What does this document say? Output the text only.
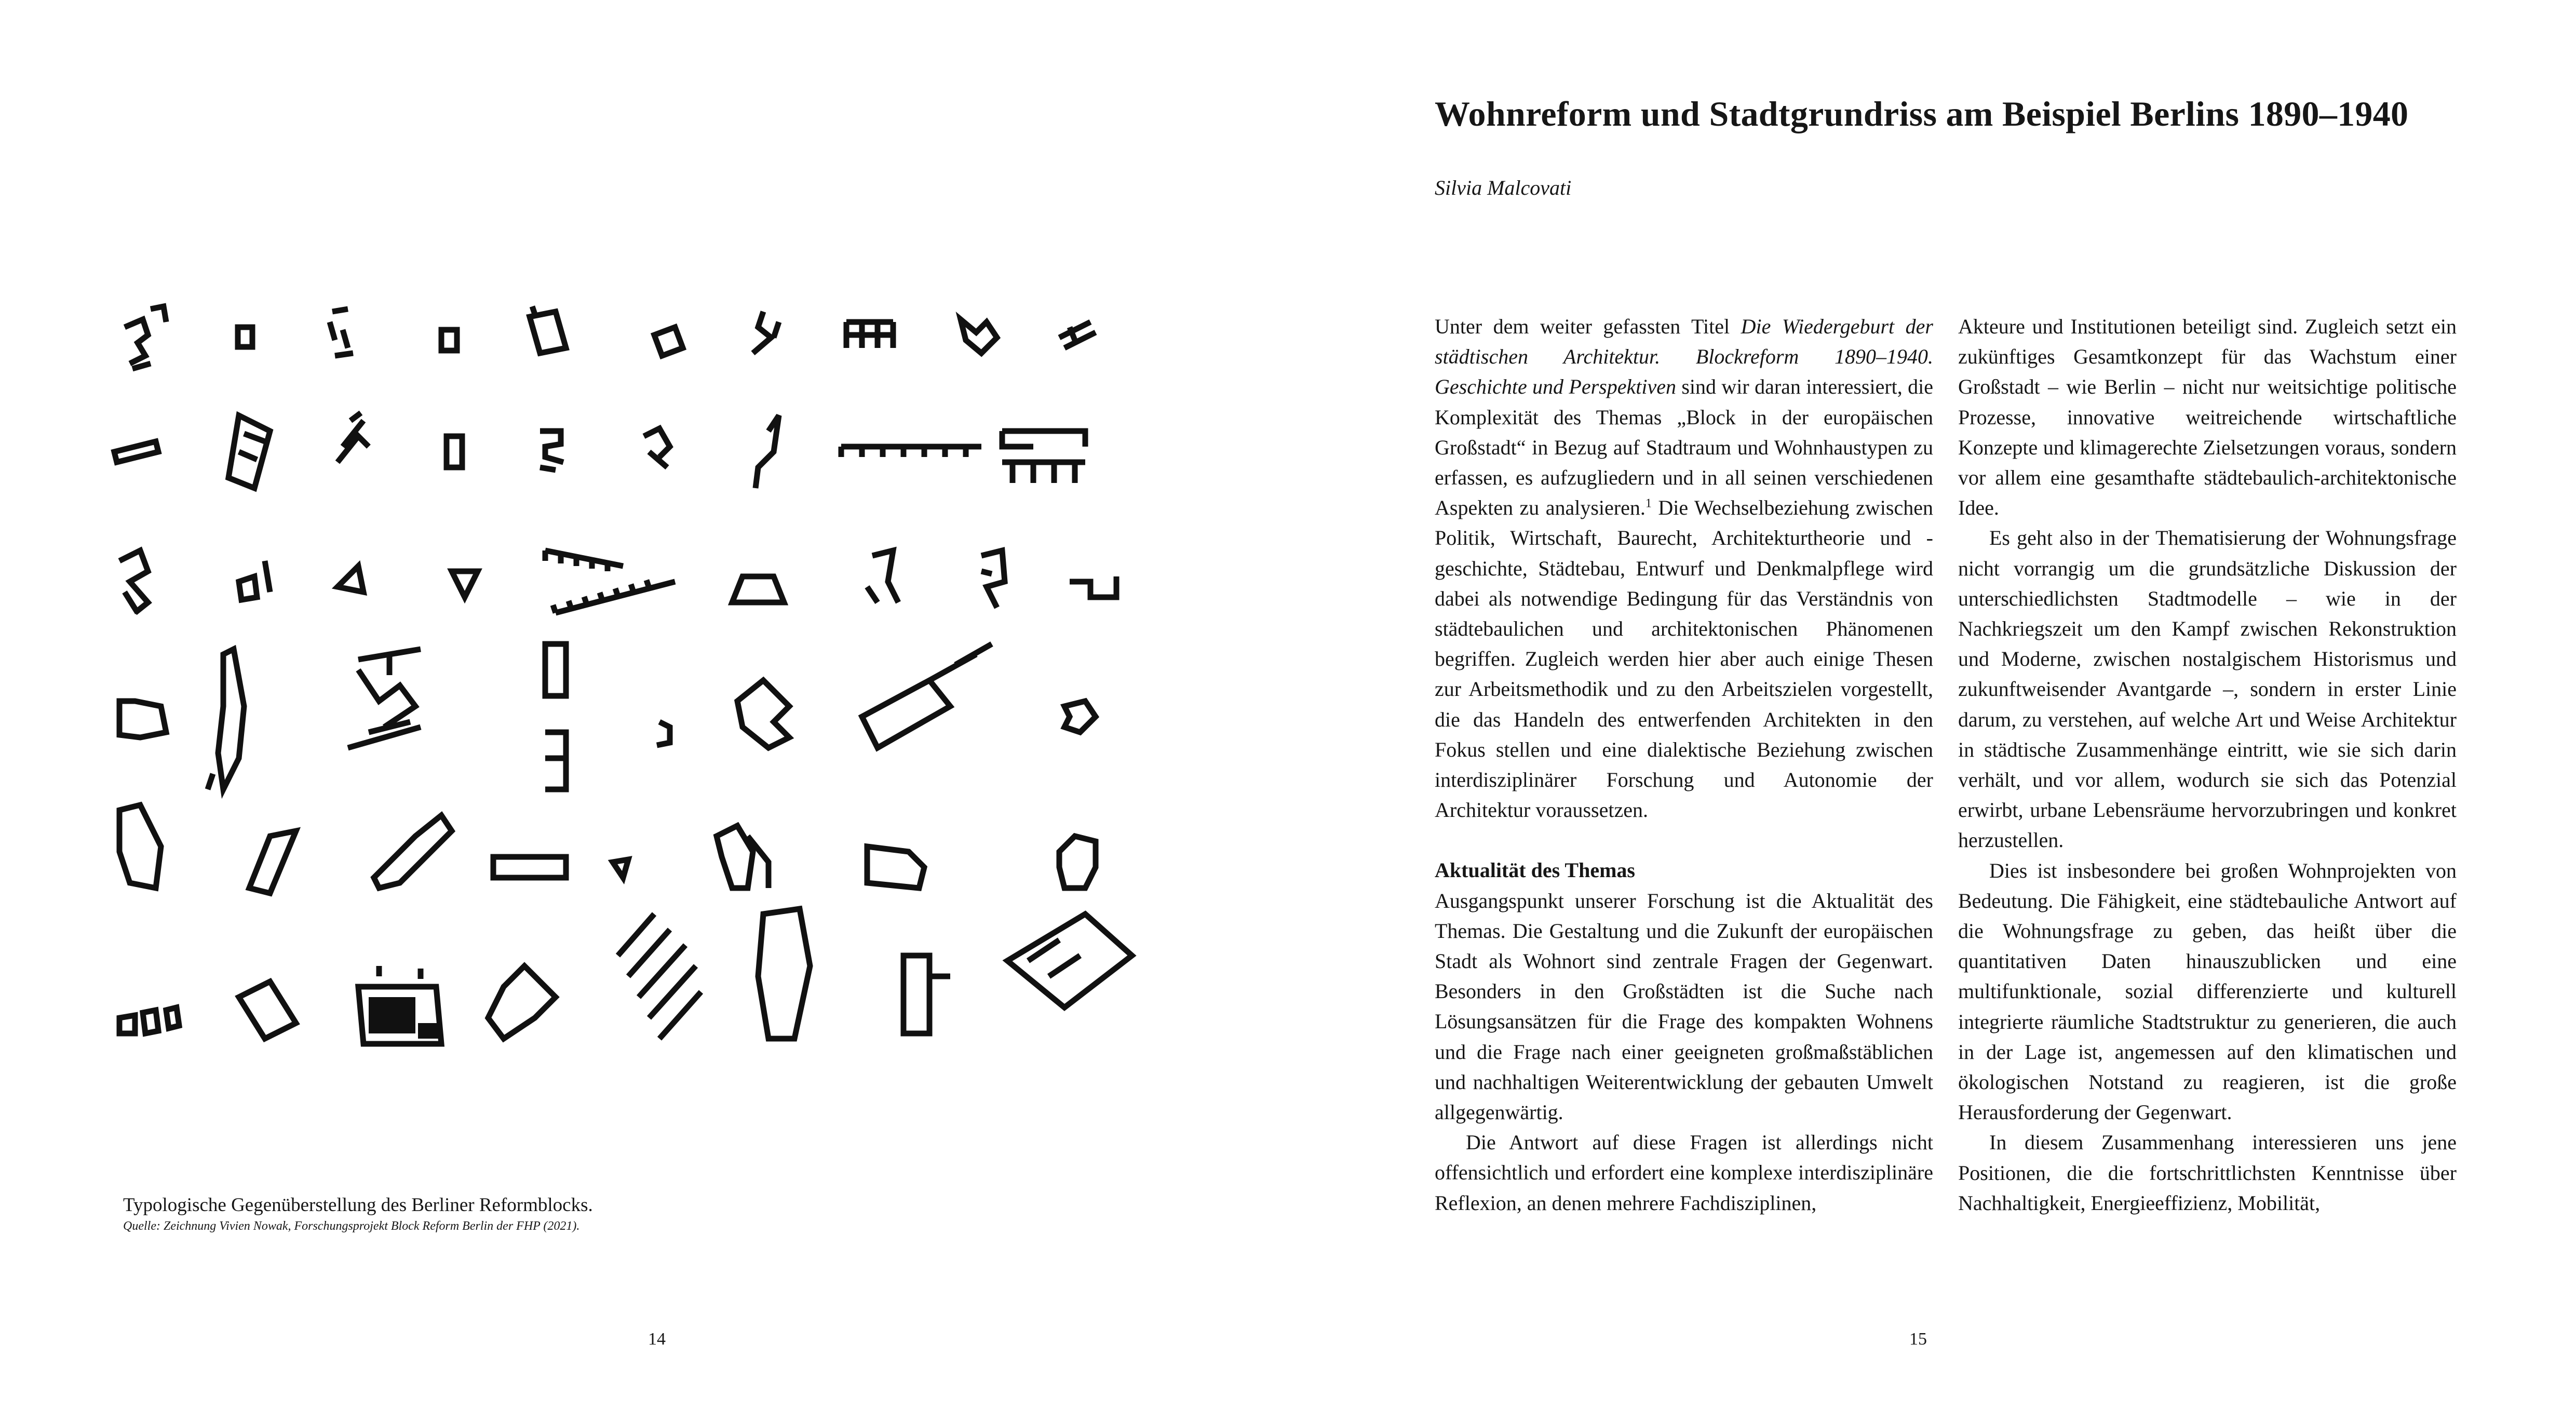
Typologische Gegenüberstellung des Berliner Reformblocks.

Quelle: Zeichnung Vivien Nowak, Forschungsprojekt Block Reform Berlin der FHP (2021).

14
Wohnreform und Stadtgrundriss am Beispiel Berlins 1890–1940

Silvia Malcovati

Unter dem weiter gefassten Titel Die Wiedergeburt der städtischen Architektur. Blockreform 1890–1940. Geschichte und Perspektiven sind wir daran interessiert, die Komplexität des Themas „Block in der europäischen Großstadt“ in Bezug auf Stadtraum und Wohnhaustypen zu erfassen, es aufzugliedern und in all seinen verschiedenen Aspekten zu analysieren.$^1$ Die Wechselbeziehung zwischen Politik, Wirtschaft, Baurecht, Architekturtheorie und -geschichte, Städtebau, Entwurf und Denkmalpflege wird dabei als notwendige Bedingung für das Verständnis von städtebaulichen und architektonischen Phänomenen begriffen. Zugleich werden hier aber auch einige Thesen zur Arbeitsmethodik und zu den Arbeitszielen vorgestellt, die das Handeln des entwerfenden Architekten in den Fokus stellen und eine dialektische Beziehung zwischen interdisziplinärer Forschung und Autonomie der Architektur voraussetzen.

Aktualität des Themas

Ausgangspunkt unserer Forschung ist die Aktualität des Themas. Die Gestaltung und die Zukunft der europäischen Stadt als Wohnort sind zentrale Fragen der Gegenwart. Besonders in den Großstädten ist die Suche nach Lösungsansätzen für die Frage des kompakten Wohnens und die Frage nach einer geeigneten großmaßstäblichen und nachhaltigen Weiterentwicklung der gebauten Umwelt allgegenwärtig.

Die Antwort auf diese Fragen ist allerdings nicht offensichtlich und erfordert eine komplexe interdisziplinäre Reflexion, an denen mehrere Fachdisziplinen,

Akteure und Institutionen beteiligt sind. Zugleich setzt ein zukünftiges Gesamtkonzept für das Wachstum einer Großstadt – wie Berlin – nicht nur weitsichtige politische Prozesse, innovative weitreichende wirtschaftliche Konzepte und klimagerechte Zielsetzungen voraus, sondern vor allem eine gesamthafte städtebaulich-architektonische Idee.

Es geht also in der Thematisierung der Wohnungsfrage nicht vorrangig um die grundsätzliche Diskussion der unterschiedlichsten Stadtmodelle – wie in der Nachkriegszeit um den Kampf zwischen Rekonstruktion und Moderne, zwischen nostalgischem Historismus und zukunftweisender Avantgarde –, sondern in erster Linie darum, zu verstehen, auf welche Art und Weise Architektur in städtische Zusammenhänge eintritt, wie sie sich darin verhält, und vor allem, wodurch sie sich das Potenzial erwirbt, urbane Lebensräume hervorzubringen und konkret herzustellen.

Dies ist insbesondere bei großen Wohnprojekten von Bedeutung. Die Fähigkeit, eine städtebauliche Antwort auf die Wohnungsfrage zu geben, das heißt über die quantitativen Daten hinauszublicken und eine multifunktionale, sozial differenzierte und kulturell integrierte räumliche Stadtstruktur zu generieren, die auch in der Lage ist, angemessen auf den klimatischen und ökologischen Notstand zu reagieren, ist die große Herausforderung der Gegenwart.

In diesem Zusammenhang interessieren uns jene Positionen, die die fortschrittlichsten Kenntnisse über Nachhaltigkeit, Energieeffizienz, Mobilität,

15
